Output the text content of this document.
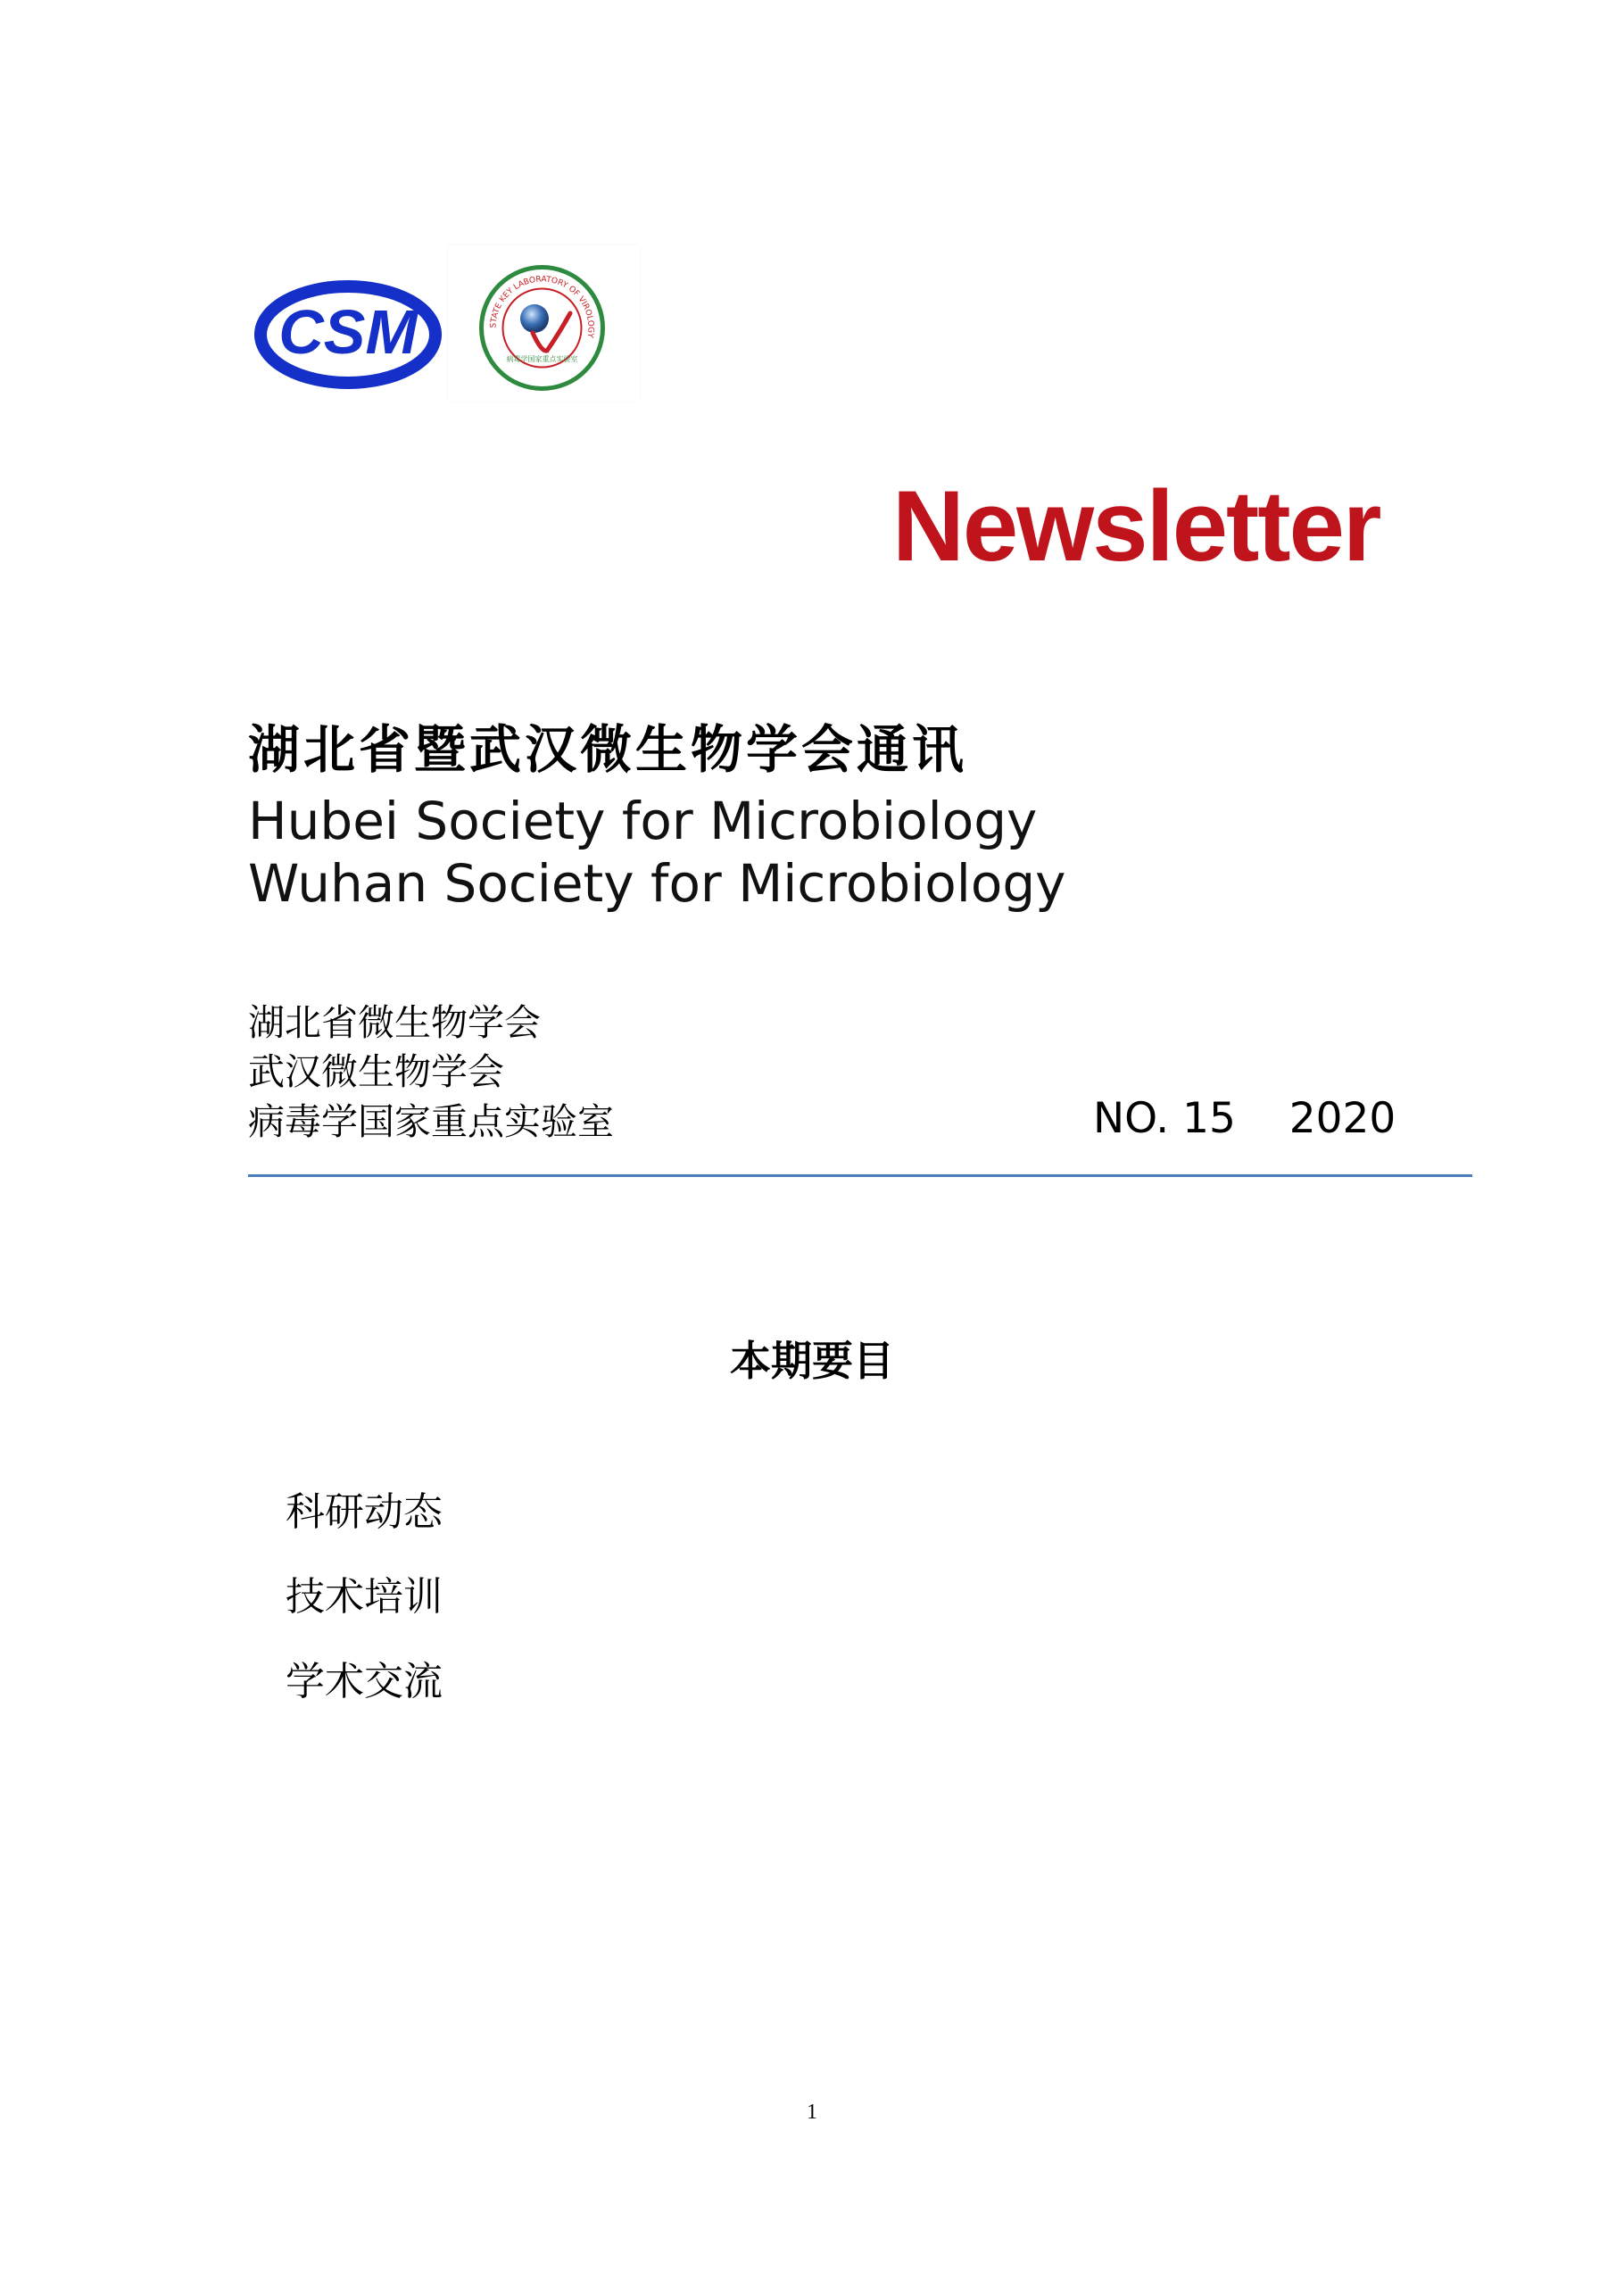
CSM	STATE KEY LABORATORY OF VIROLOGY
病毒学国家重点实验室
Newsletter
湖北省暨武汉微生物学会通讯
Hubei Society for Microbiology
Wuhan Society for Microbiology
湖北省微生物学会
武汉微生物学会
病毒学国家重点实验室	NO. 15    2020
本期要目
科研动态
技术培训
学术交流
1
